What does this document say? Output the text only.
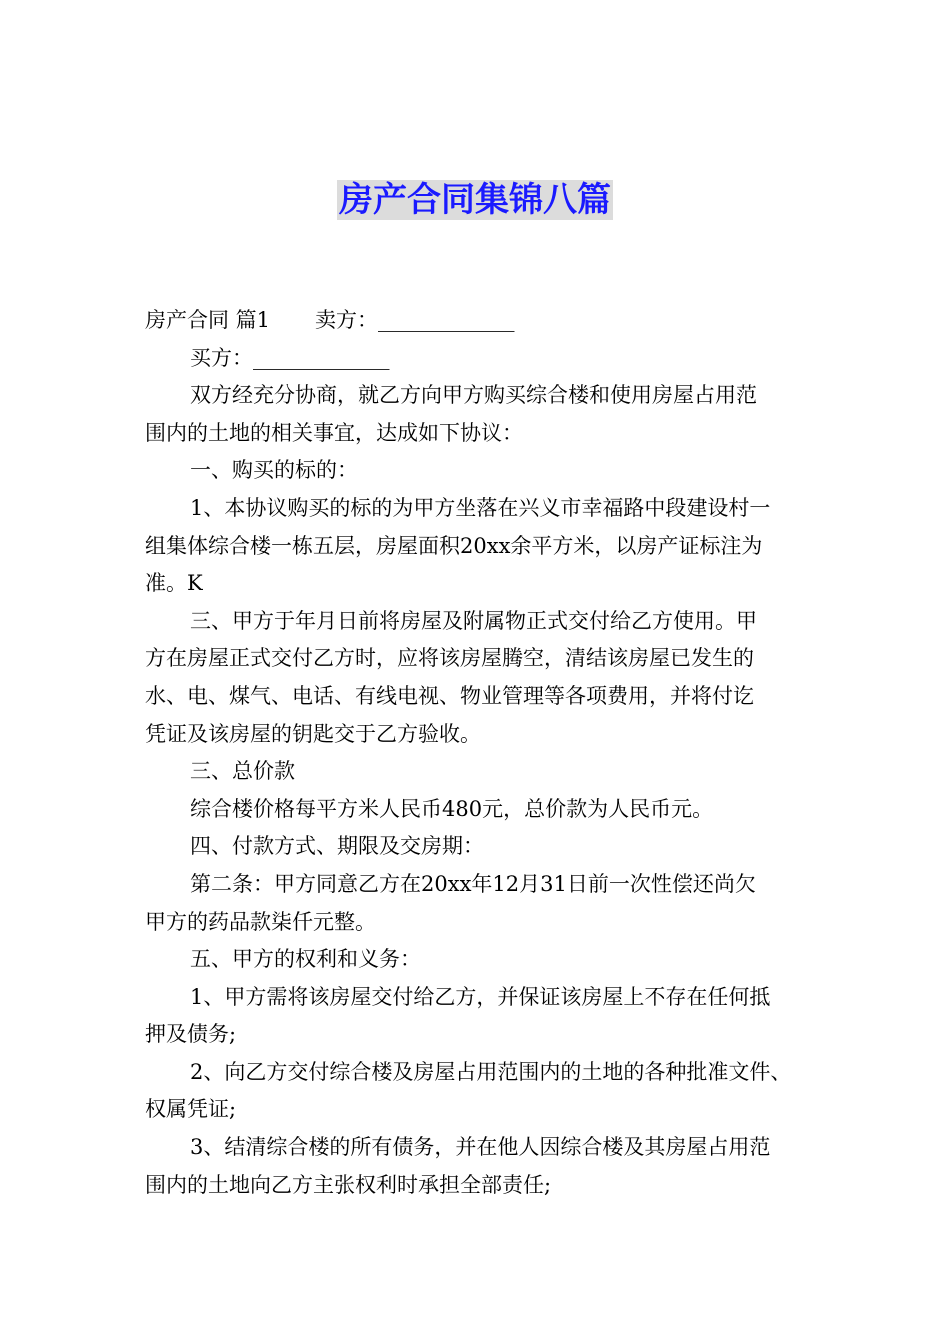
房产合同集锦八篇

房产合同 篇1 卖方： _____________

买方：_____________

双方经充分协商，就乙方向甲方购买综合楼和使用房屋占用范

围内的土地的相关事宜，达成如下协议：

一、购买的标的：

1、本协议购买的标的为甲方坐落在兴义市幸福路中段建设村一

组集体综合楼一栋五层，房屋面积20xx余平方米，以房产证标注为

准。K

三、甲方于年月日前将房屋及附属物正式交付给乙方使用。甲

方在房屋正式交付乙方时，应将该房屋腾空，清结该房屋已发生的

水、电、煤气、电话、有线电视、物业管理等各项费用，并将付讫

凭证及该房屋的钥匙交于乙方验收。

三、总价款

综合楼价格每平方米人民币480元，总价款为人民币元。

四、付款方式、期限及交房期：

第二条：甲方同意乙方在20xx年12月31日前一次性偿还尚欠

甲方的药品款柒仟元整。

五、甲方的权利和义务：

1、甲方需将该房屋交付给乙方，并保证该房屋上不存在任何抵

押及债务;

2、向乙方交付综合楼及房屋占用范围内的土地的各种批准文件、

权属凭证;

3、结清综合楼的所有债务，并在他人因综合楼及其房屋占用范

围内的土地向乙方主张权利时承担全部责任;
